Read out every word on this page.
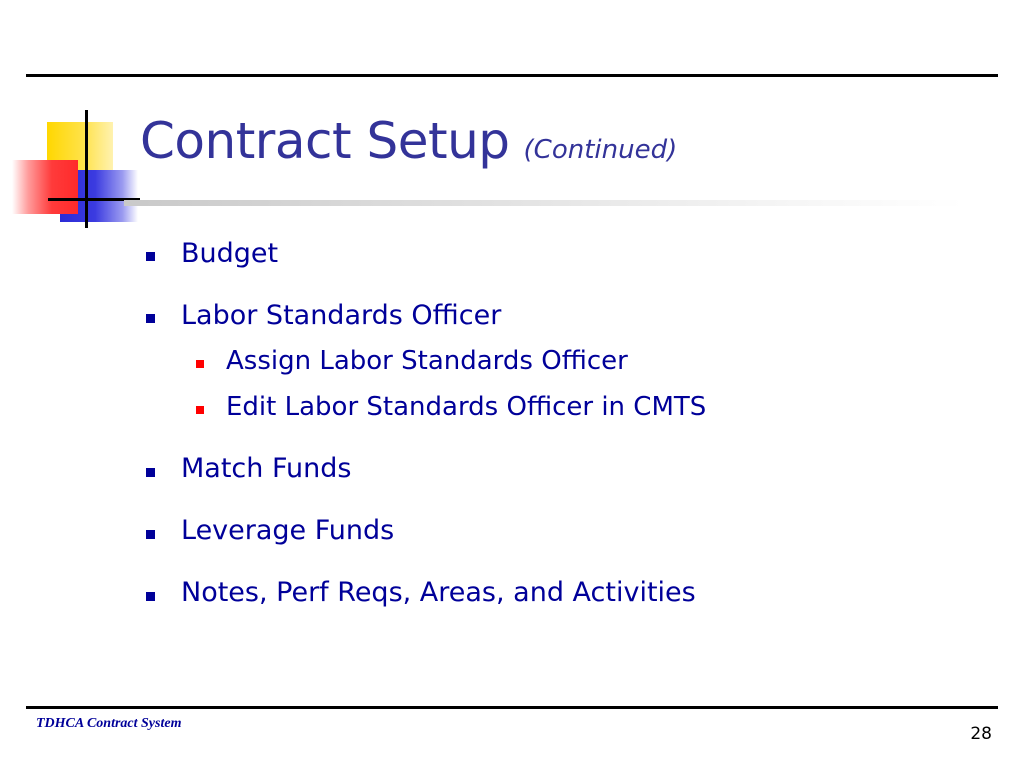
Contract Setup (Continued)
Budget
Labor Standards Officer
Assign Labor Standards Officer
Edit Labor Standards Officer in CMTS
Match Funds
Leverage Funds
Notes, Perf Reqs, Areas, and Activities
TDHCA Contract System
28
